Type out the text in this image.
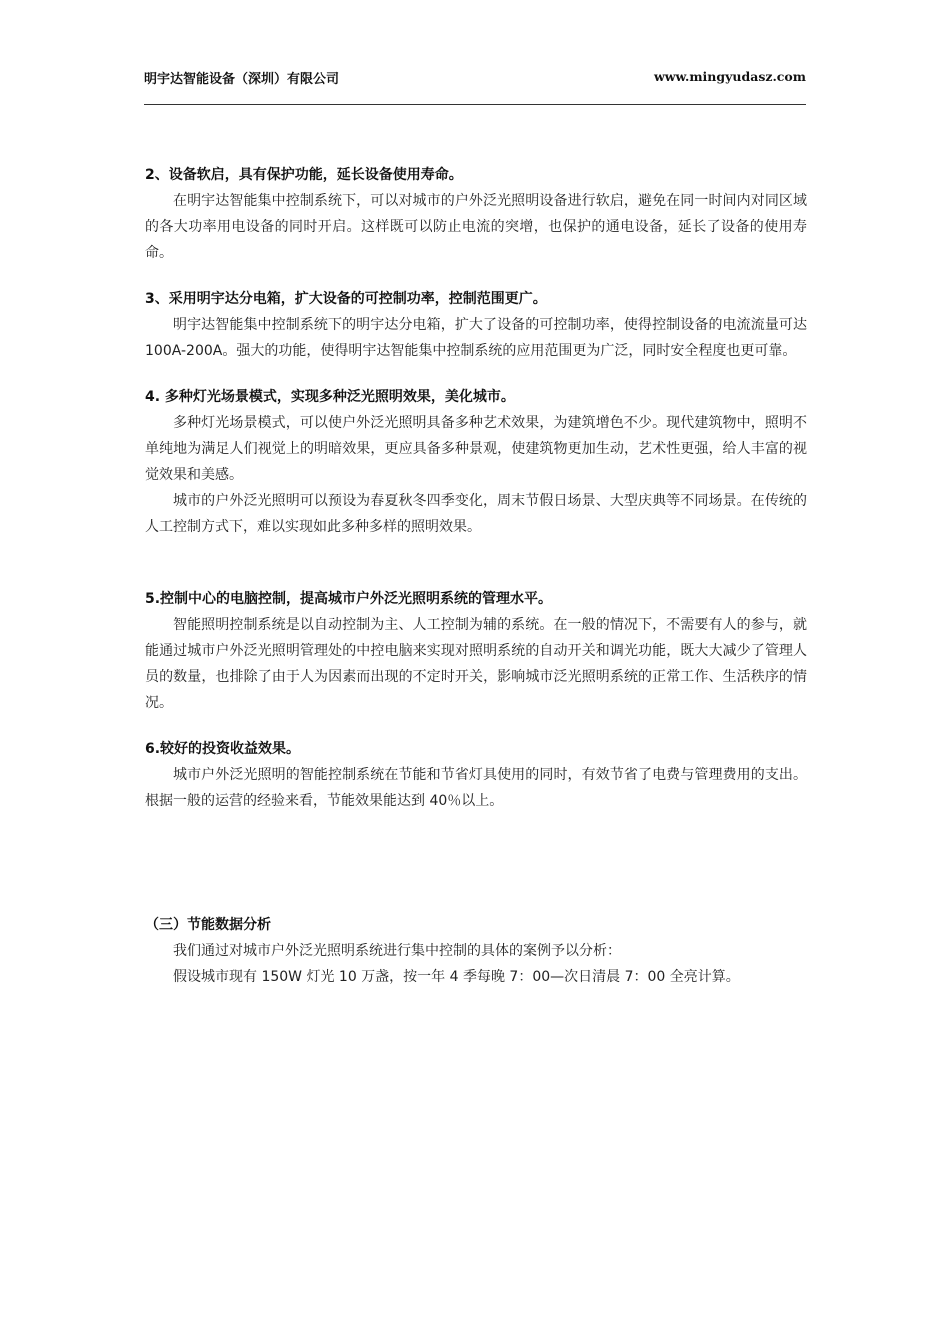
明宇达智能设备（深圳）有限公司	www.mingyudasz.com
2、设备软启，具有保护功能，延长设备使用寿命。

在明宇达智能集中控制系统下，可以对城市的户外泛光照明设备进行软启，避免在同一时间内对同区域的各大功率用电设备的同时开启。这样既可以防止电流的突增，也保护的通电设备，延长了设备的使用寿命。

3、采用明宇达分电箱，扩大设备的可控制功率，控制范围更广。

明宇达智能集中控制系统下的明宇达分电箱，扩大了设备的可控制功率，使得控制设备的电流流量可达 100A-200A。强大的功能，使得明宇达智能集中控制系统的应用范围更为广泛，同时安全程度也更可靠。

4. 多种灯光场景模式，实现多种泛光照明效果，美化城市。

多种灯光场景模式，可以使户外泛光照明具备多种艺术效果，为建筑增色不少。现代建筑物中，照明不单纯地为满足人们视觉上的明暗效果，更应具备多种景观，使建筑物更加生动，艺术性更强，给人丰富的视觉效果和美感。

城市的户外泛光照明可以预设为春夏秋冬四季变化，周末节假日场景、大型庆典等不同场景。在传统的人工控制方式下，难以实现如此多种多样的照明效果。

5.控制中心的电脑控制，提高城市户外泛光照明系统的管理水平。

智能照明控制系统是以自动控制为主、人工控制为辅的系统。在一般的情况下，不需要有人的参与，就能通过城市户外泛光照明管理处的中控电脑来实现对照明系统的自动开关和调光功能，既大大减少了管理人员的数量，也排除了由于人为因素而出现的不定时开关，影响城市泛光照明系统的正常工作、生活秩序的情况。

6.较好的投资收益效果。

城市户外泛光照明的智能控制系统在节能和节省灯具使用的同时，有效节省了电费与管理费用的支出。根据一般的运营的经验来看，节能效果能达到 40％以上。

（三）节能数据分析

我们通过对城市户外泛光照明系统进行集中控制的具体的案例予以分析：

假设城市现有 150W 灯光 10 万盏，按一年 4 季每晚 7：00—次日清晨 7：00 全亮计算。
